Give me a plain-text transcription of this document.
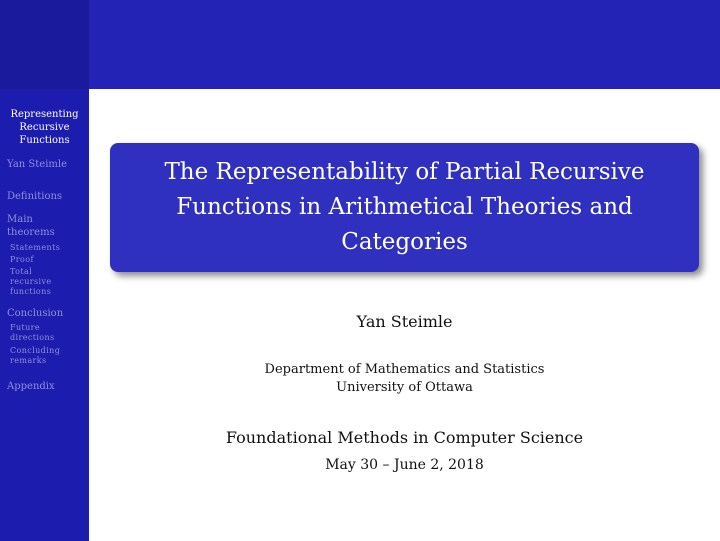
Representing
Recursive
Functions
Yan Steimle
Definitions
Main
theorems
Statements
Proof
Total
recursive
functions
Conclusion
Future
directions
Concluding
remarks
Appendix
The Representability of Partial Recursive
Functions in Arithmetical Theories and
Categories
Yan Steimle
Department of Mathematics and Statistics
University of Ottawa
Foundational Methods in Computer Science
May 30 – June 2, 2018
